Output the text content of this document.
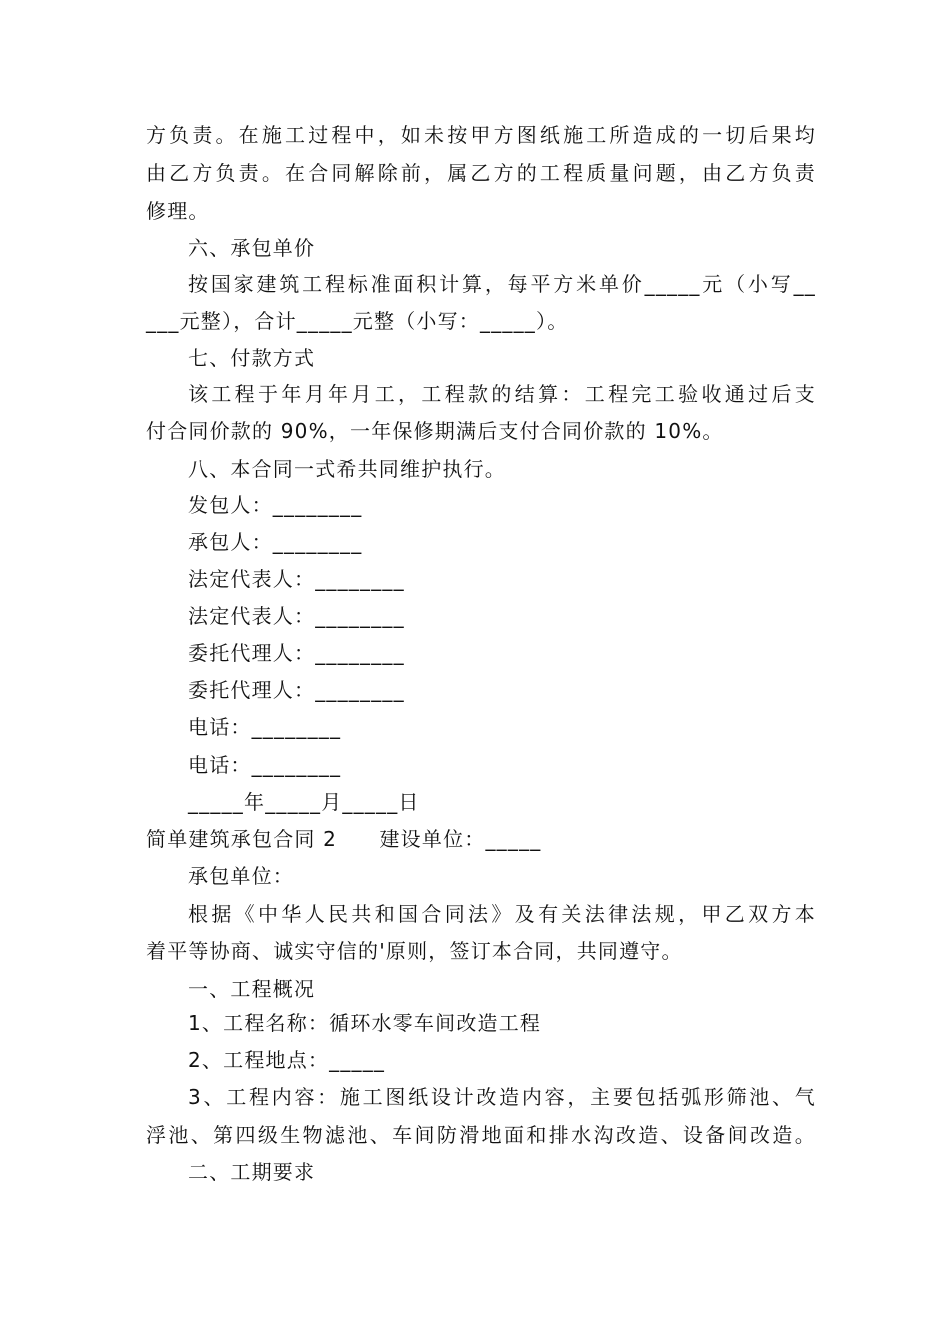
方负责。在施工过程中，如未按甲方图纸施工所造成的一切后果均
由乙方负责。在合同解除前，属乙方的工程质量问题，由乙方负责
修理。
六、承包单价
按国家建筑工程标准面积计算，每平方米单价_____元（小写__
___元整），合计_____元整（小写：_____）。
七、付款方式
该工程于年月年月工，工程款的结算：工程完工验收通过后支
付合同价款的 90%，一年保修期满后支付合同价款的 10%。
八、本合同一式希共同维护执行。
发包人：________
承包人：________
法定代表人：________
法定代表人：________
委托代理人：________
委托代理人：________
电话：________
电话：________
_____年_____月_____日
简单建筑承包合同 2　　建设单位：_____
承包单位：
根据《中华人民共和国合同法》及有关法律法规，甲乙双方本
着平等协商、诚实守信的'原则，签订本合同，共同遵守。
一、工程概况
1、工程名称：循环水零车间改造工程
2、工程地点：_____
3、工程内容：施工图纸设计改造内容，主要包括弧形筛池、气
浮池、第四级生物滤池、车间防滑地面和排水沟改造、设备间改造。
二、工期要求
